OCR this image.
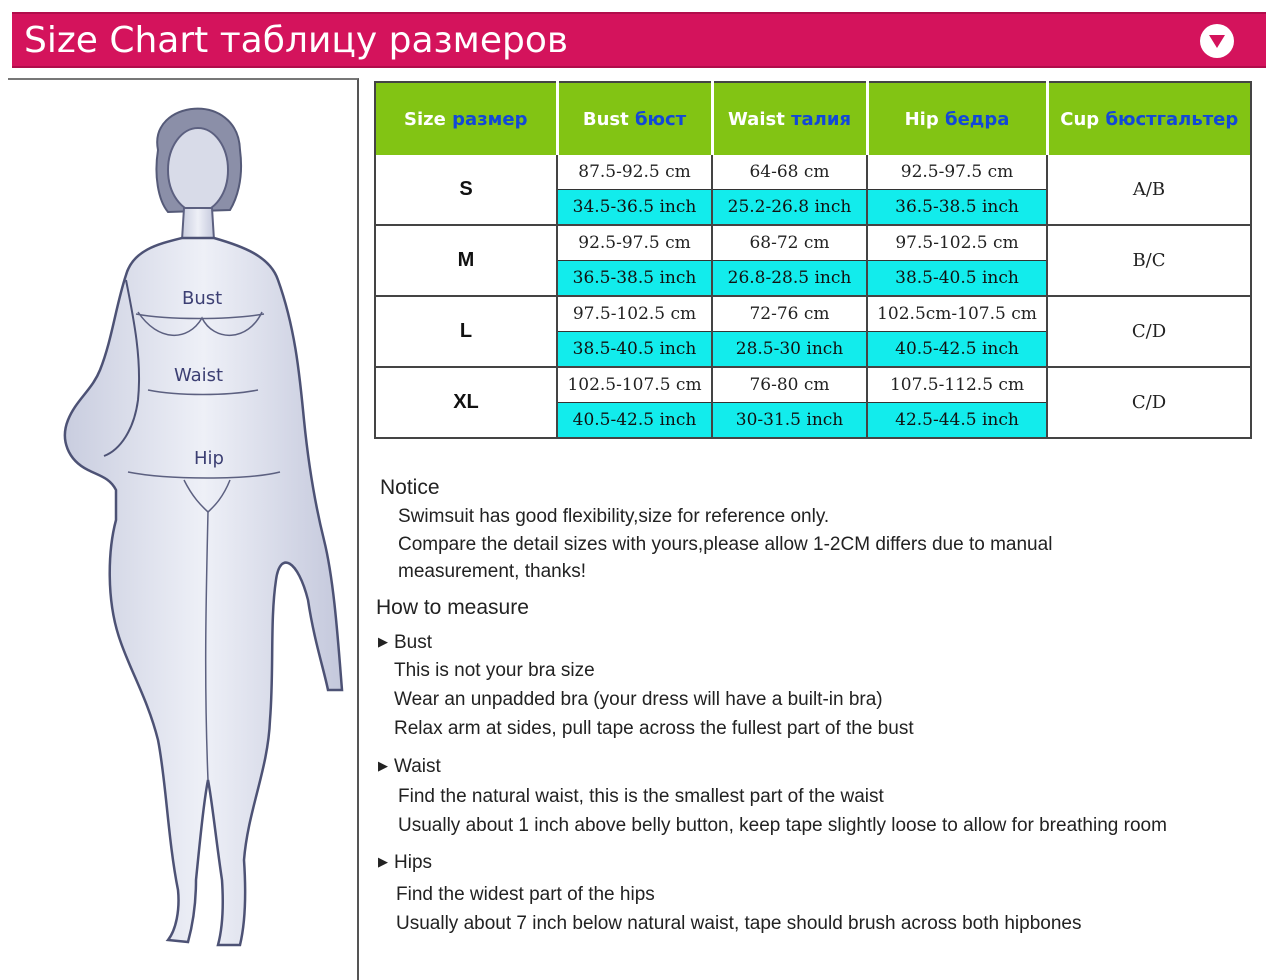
Size Chart таблицу размеров
Bust
Waist
Hip
Size размер	Bust бюст	Waist талия	Hip бедра	Cup бюстгальтер
S	87.5-92.5 cm	64-68 cm	92.5-97.5 cm	A/B
	34.5-36.5 inch	25.2-26.8 inch	36.5-38.5 inch	
M	92.5-97.5 cm	68-72 cm	97.5-102.5 cm	B/C
	36.5-38.5 inch	26.8-28.5 inch	38.5-40.5 inch	
L	97.5-102.5 cm	72-76 cm	102.5cm-107.5 cm	C/D
	38.5-40.5 inch	28.5-30 inch	40.5-42.5 inch	
XL	102.5-107.5 cm	76-80 cm	107.5-112.5 cm	C/D
	40.5-42.5 inch	30-31.5 inch	42.5-44.5 inch	
Notice
Swimsuit has good flexibility,size for reference only.
Compare the detail sizes with yours,please allow 1-2CM differs due to manual
measurement, thanks!
How to measure
▶ Bust
This is not your bra size
Wear an unpadded bra (your dress will have a built-in bra)
Relax arm at sides, pull tape across the fullest part of the bust
▶ Waist
Find the natural waist, this is the smallest part of the waist
Usually about 1 inch above belly button, keep tape slightly loose to allow for breathing room
▶ Hips
Find the widest part of the hips
Usually about 7 inch below natural waist, tape should brush across both hipbones
